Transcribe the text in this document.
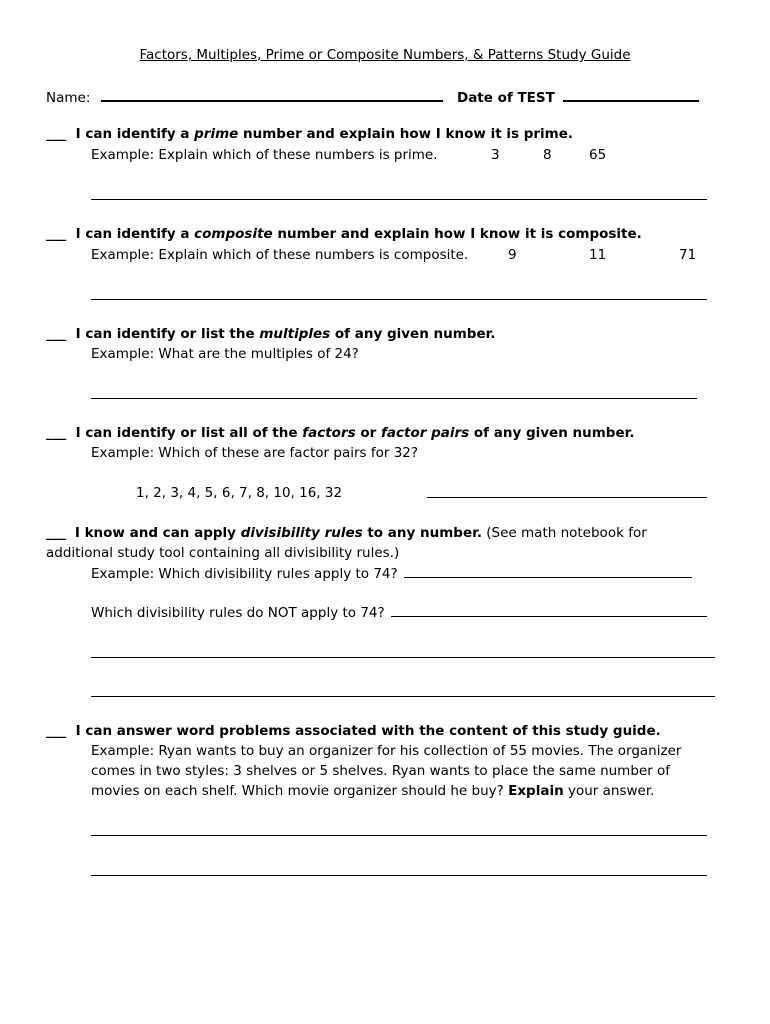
Factors, Multiples, Prime or Composite Numbers, & Patterns Study Guide
Name:	Date of TEST
___ I can identify a prime number and explain how I know it is prime.
Example: Explain which of these numbers is prime.	3	8	65
___ I can identify a composite number and explain how I know it is composite.
Example: Explain which of these numbers is composite.	9	11	71
___ I can identify or list the multiples of any given number.
Example: What are the multiples of 24?
___ I can identify or list all of the factors or factor pairs of any given number.
Example: Which of these are factor pairs for 32?
1, 2, 3, 4, 5, 6, 7, 8, 10, 16, 32
___ I know and can apply divisibility rules to any number. (See math notebook for
additional study tool containing all divisibility rules.)
Example: Which divisibility rules apply to 74?
Which divisibility rules do NOT apply to 74?
___ I can answer word problems associated with the content of this study guide.
Example: Ryan wants to buy an organizer for his collection of 55 movies. The organizer
comes in two styles: 3 shelves or 5 shelves. Ryan wants to place the same number of
movies on each shelf. Which movie organizer should he buy? Explain your answer.
